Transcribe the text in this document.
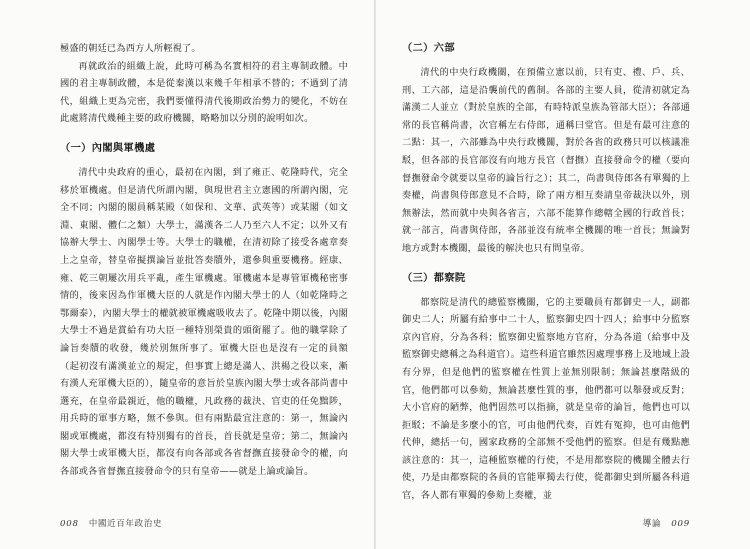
極盛的朝廷已為西方人所輕視了。

再就政治的組織上說，此時可稱為名實相符的君主專制政體。中國的君主專制政體，本是從秦漢以來幾千年相承不替的；不過到了清代，組織上更為完密，我們要懂得清代後期政治勢力的變化，不妨在此處將清代幾種主要的政府機關，略略加以分別的說明如次。

（一）內閣與軍機處

清代中央政府的重心，最初在內閣，到了雍正、乾隆時代，完全移於軍機處。但是清代所謂內閣，與現世君主立憲國的所謂內閣，完全不同；內閣的閣員稱某殿（如保和、文華、武英等）或某閣（如文淵、東閣、體仁之類）大學士，滿漢各二人乃至六人不定；以外又有協辦大學士、內閣學士等。大學士的職權，在清初除了接受各處章奏上之皇帝，替皇帝擬撰論旨並批答奏牘外，還參與重要機務。經康、雍、乾三朝屢次用兵平亂，產生軍機處。軍機處本是專管軍機秘密事情的，後來因為作軍機大臣的人就是作內閣大學士的人（如乾隆時之鄂爾泰），內閣大學士的權就被軍機處吸收去了。乾隆中期以後，內閣大學士不過是賞給有功大臣一種特別榮貴的頭銜罷了。他的職掌除了論旨奏牘的收發，幾於別無所事了。軍機大臣也是沒有一定的員額（起初沒有滿漢並立的規定，但事實上總是滿人、洪楊之役以來，漸有漢人充軍機大臣的），隨皇帝的意旨於皇族內閣大學士或各部尚書中選充，在皇帝最親近，他的職權，凡政務的裁決、官吏的任免黜陟，用兵時的軍事方略，無不參與。但有兩點最宜注意的：第一，無論內閣或軍機處，都沒有特別獨有的首長，首長就是皇帝；第二，無論內閣大學士或軍機大臣，都沒有向各部或各省督撫直接發命令的權，向各部或各省督撫直接發命令的只有皇帝——就是上論或論旨。

008 中國近百年政治史
（二）六部

清代的中央行政機關，在預備立憲以前，只有吏、禮、戶、兵、刑、工六部，這是沿襲前代的舊制。各部的主要人員，從清初就定為滿漢二人並立（對於皇族的全部，有時特派皇族為管部大臣）；各部通常的長官稱尚書，次官稱左右侍郎，通稱曰堂官。但是有最可注意的二點：其一，六部雖為中央行政機關，對於各省的政務只可以核議准駁，但各部的長官部沒有向地方長官（督撫）直接發命令的權（要向督撫發命令就要以皇帝的論旨行之）；其二，尚書與侍郎各有單獨的上奏權，尚書與侍郎意見不合時，除了兩方相互奏請皇帝裁決以外，別無辦法，然而就中央與各省言，六部不能算作總轄全國的行政首長；就一部言，尚書與侍郎，各部並沒有統率全機關的唯一首長；無論對地方或對本機關，最後的解決也只有問皇帝。

（三）都察院

都察院是清代的總監察機關，它的主要職員有都御史一人，副都御史二人；所屬有給事中二十人，監察御史四十四人；給事中分監察京內官府，分為各科；監察御史監察地方官府，分為各道（給事中及監察御史總稱之為科道官）。這些科道官雖然因處理事務上及地域上設有分界，但是他們的監察權在性質上並無別限制；無論甚麼階級的官，他們都可以參劾，無論甚麼性質的事，他們都可以舉發或反對；大小官府的陋弊，他們固然可以指摘，就是皇帝的論旨，他們也可以拒駁；不論是多麼小的官，可由他們代奏，百姓有冤抑，也可由他們代伸，總括一句，國家政務的全部無不受他們的監察。但是有幾點應該注意的：其一，這種監察權的行使，不是用都察院的機關全體去行使，乃是由都察院的各員的官能單獨去行使，從都御史到所屬各科道官，各人都有單獨的參劾上奏權，並

導論 009
